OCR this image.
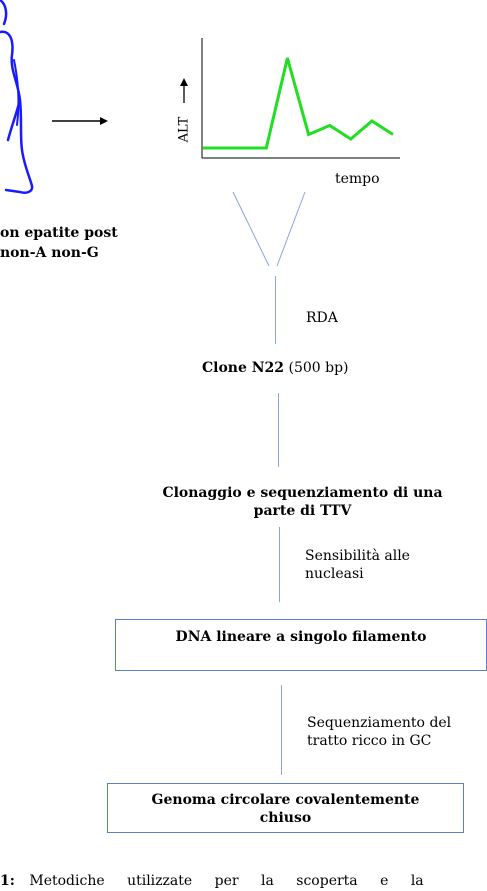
on epatite post
non-A non-G
ALT
tempo
RDA
Clone N22 (500 bp)
Clonaggio e sequenziamento di una
parte di TTV
Sensibilità alle
nucleasi
DNA lineare a singolo filamento
Sequenziamento del
tratto ricco in GC
Genoma circolare covalentemente
chiuso
1: Metodiche utilizzate per la scoperta e la
